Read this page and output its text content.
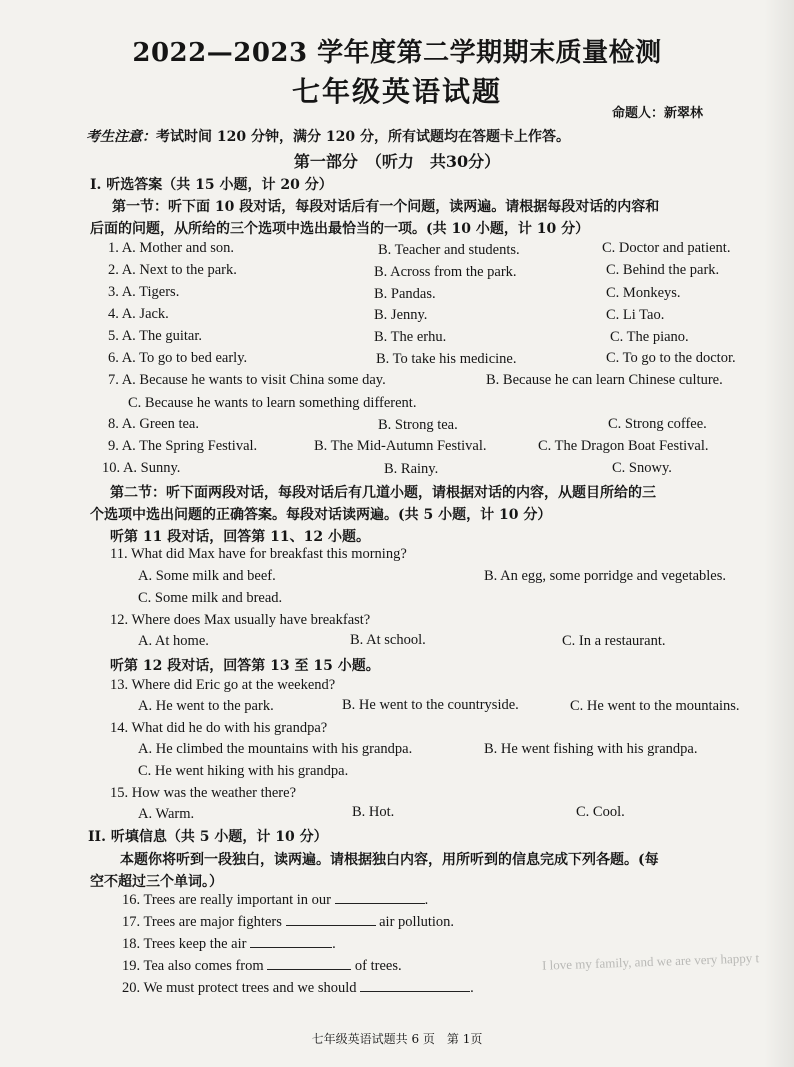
2022—2023 学年度第二学期期末质量检测
七年级英语试题
命题人：新翠林
考生注意：考试时间 120 分钟，满分 120 分，所有试题均在答题卡上作答。
第一部分　（听力　共30分）
I. 听选答案（共 15 小题，计 20 分）
第一节：听下面 10 段对话，每段对话后有一个问题，读两遍。请根据每段对话的内容和
后面的问题，从所给的三个选项中选出最恰当的一项。(共 10 小题，计 10 分）
1. A. Mother and son.	B. Teacher and students.	C. Doctor and patient.
2. A. Next to the park.	B. Across from the park.	C. Behind the park.
3. A. Tigers.	B. Pandas.	C. Monkeys.
4. A. Jack.	B. Jenny.	C. Li Tao.
5. A. The guitar.	B. The erhu.	C. The piano.
6. A. To go to bed early.	B. To take his medicine.	C. To go to the doctor.
7. A. Because he wants to visit China some day.	B. Because he can learn Chinese culture.
C. Because he wants to learn something different.
8. A. Green tea.	B. Strong tea.	C. Strong coffee.
9. A. The Spring Festival.	B. The Mid-Autumn Festival.	C. The Dragon Boat Festival.
10. A. Sunny.	B. Rainy.	C. Snowy.
第二节：听下面两段对话，每段对话后有几道小题，请根据对话的内容，从题目所给的三
个选项中选出问题的正确答案。每段对话读两遍。(共 5 小题，计 10 分）
听第 11 段对话，回答第 11、12 小题。
11. What did Max have for breakfast this morning?
A. Some milk and beef.	B. An egg, some porridge and vegetables.
C. Some milk and bread.
12. Where does Max usually have breakfast?
A. At home.	B. At school.	C. In a restaurant.
听第 12 段对话，回答第 13 至 15 小题。
13. Where did Eric go at the weekend?
A. He went to the park.	B. He went to the countryside.	C. He went to the mountains.
14. What did he do with his grandpa?
A. He climbed the mountains with his grandpa.	B. He went fishing with his grandpa.
C. He went hiking with his grandpa.
15. How was the weather there?
A. Warm.	B. Hot.	C. Cool.
II. 听填信息（共 5 小题，计 10 分）
本题你将听到一段独白，读两遍。请根据独白内容，用所听到的信息完成下列各题。(每
空不超过三个单词。）
16. Trees are really important in our	.
17. Trees are major fighters	air pollution.
18. Trees keep the air	.
19. Tea also comes from	of trees.
20. We must protect trees and we should	.
I love my family, and we are very happy t
七年级英语试题共 6 页　第 1页
